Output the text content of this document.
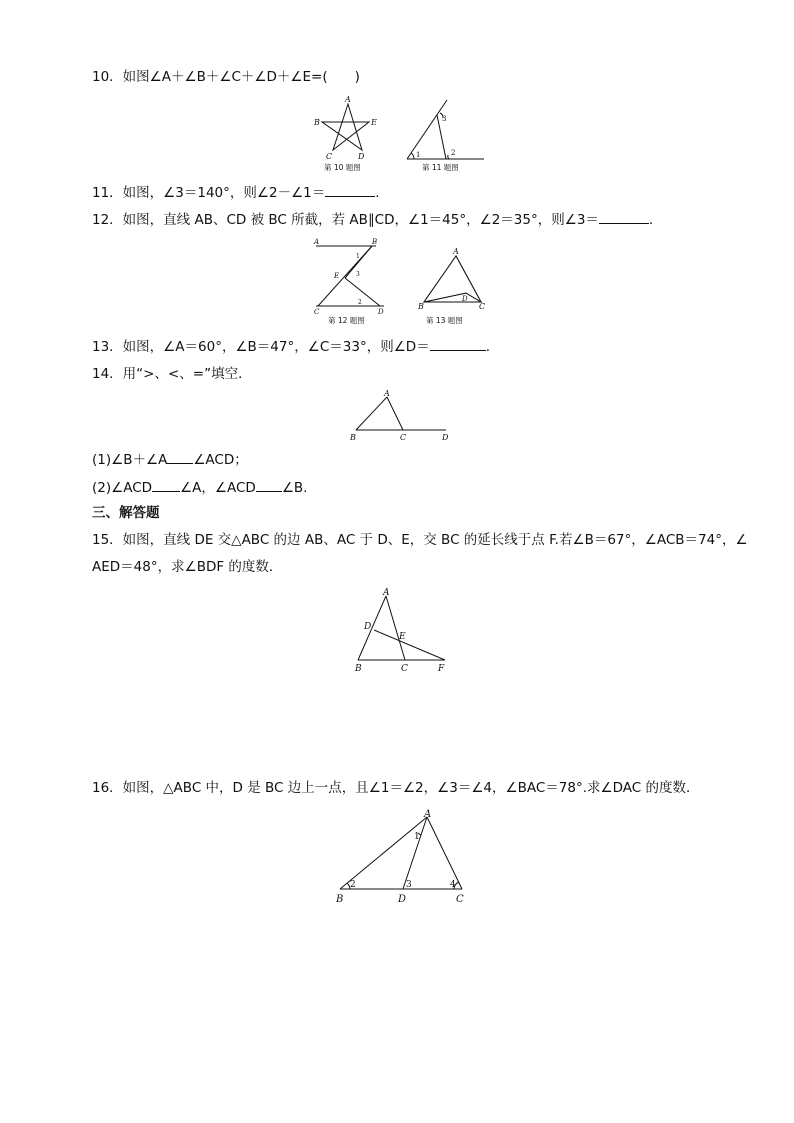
10．如图∠A＋∠B＋∠C＋∠D＋∠E=(　　)
A
B	E
C	D
第 10 题图
1	2
3
第 11 题图
11．如图，∠3＝140°，则∠2－∠1＝	.
12．如图，直线 AB、CD 被 BC 所截，若 AB∥CD，∠1＝45°，∠2＝35°，则∠3＝	.
A	B
C	D
E
1
2
3
第 12 题图
A
B	C
D
第 13 题图
13．如图，∠A＝60°，∠B＝47°，∠C＝33°，则∠D＝	.
14．用“>、<、=”填空．
A
B	C	D
(1)∠B＋∠A ∠ACD；
(2)∠ACD ∠A，∠ACD ∠B.
三、解答题
15．如图，直线 DE 交△ABC 的边 AB、AC 于 D、E，交 BC 的延长线于点 F.若∠B＝67°，∠ACB＝74°，∠
AED＝48°，求∠BDF 的度数．
A
D
E
B	C	F
16．如图，△ABC 中，D 是 BC 边上一点，且∠1＝∠2，∠3＝∠4，∠BAC＝78°.求∠DAC 的度数．
A
B	D	C
1
2	3	4
